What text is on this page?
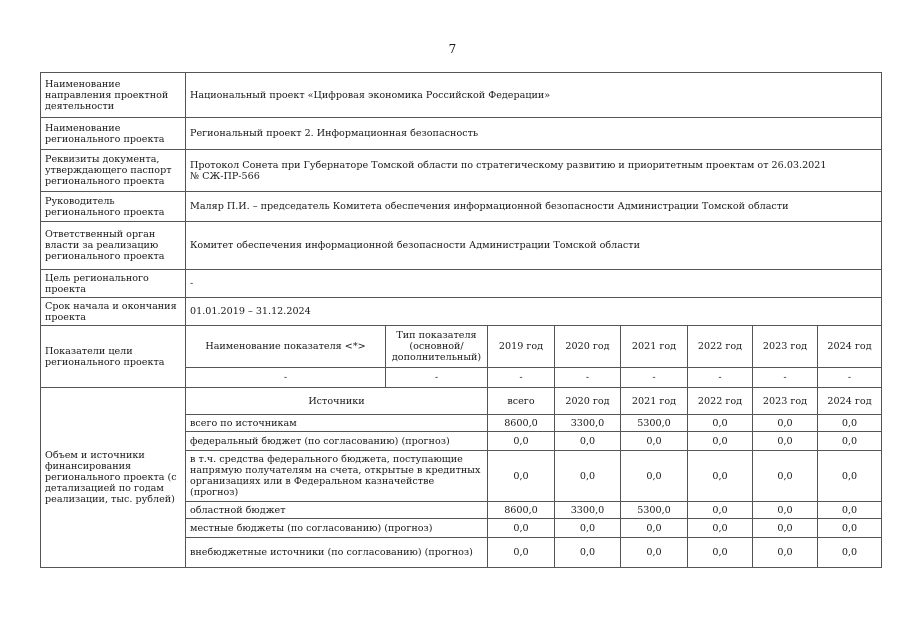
7
Наименование направления проектной деятельности	Национальный проект «Цифровая экономика Российской Федерации»							
Наименование регионального проекта	Региональный проект 2. Информационная безопасность							
Реквизиты документа, утверждающего паспорт регионального проекта	Протокол Сонета при Губернаторе Томской области по стратегическому развитию и приоритетным проектам от 26.03.2021
№ СЖ-ПР-566							

Руководитель регионального проекта	Маляр П.И. – председатель Комитета обеспечения информационной безопасности Администрации Томской области							
Ответственный орган власти за реализацию регионального проекта	Комитет обеспечения информационной безопасности Администрации Томской области							
Цель регионального проекта	-							
Срок начала и окончания проекта	01.01.2019 – 31.12.2024							
Показатели цели регионального проекта	Наименование показателя <*>	Тип показателя (основной/ дополнительный)	2019 год	2020 год	2021 год	2022 год	2023 год	2024 год
	-	-	-	-	-	-	-	-
Объем и источники финансирования регионального проекта (с детализацией по годам реализации, тыс. рублей)	Источники		всего	2020 год	2021 год	2022 год	2023 год	2024 год
	всего по источникам		8600,0	3300,0	5300,0	0,0	0,0	0,0
	федеральный бюджет (по согласованию) (прогноз)		0,0	0,0	0,0	0,0	0,0	0,0
	в т.ч. средства федерального бюджета, поступающие напрямую получателям на счета, открытые в кредитных организациях или в Федеральном казначействе (прогноз)		0,0	0,0	0,0	0,0	0,0	0,0
	областной бюджет		8600,0	3300,0	5300,0	0,0	0,0	0,0
	местные бюджеты (по согласованию) (прогноз)		0,0	0,0	0,0	0,0	0,0	0,0
	внебюджетные источники (по согласованию) (прогноз)		0,0	0,0	0,0	0,0	0,0	0,0
